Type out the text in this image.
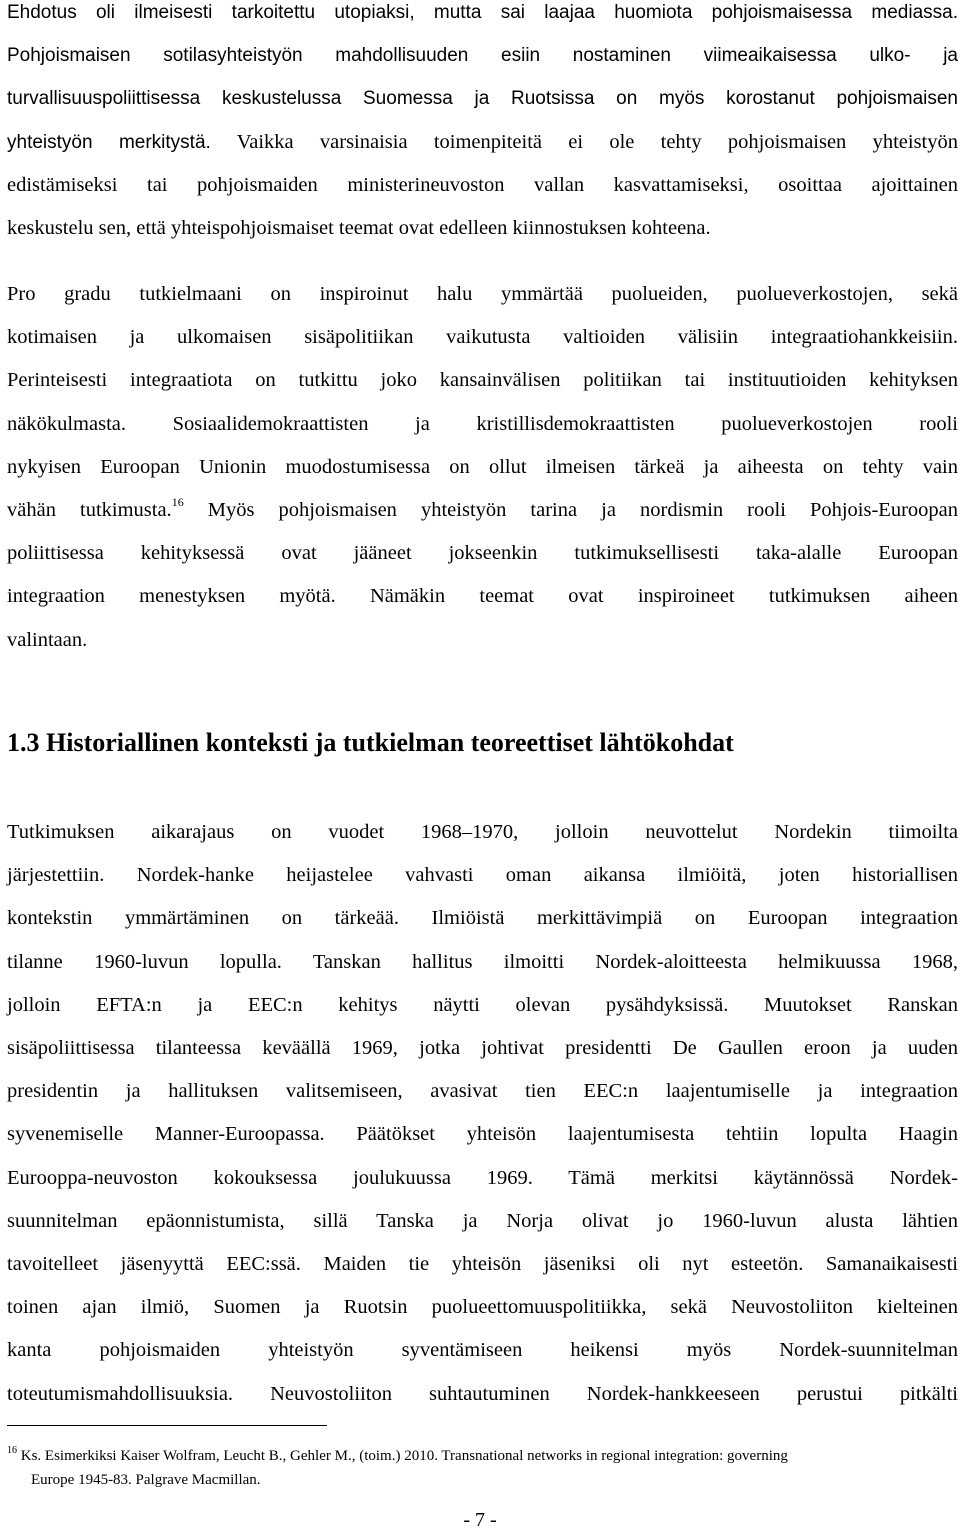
Ehdotus oli ilmeisesti tarkoitettu utopiaksi, mutta sai laajaa huomiota pohjoismaisessa mediassa.
Pohjoismaisen sotilasyhteistyön mahdollisuuden esiin nostaminen viimeaikaisessa ulko- ja
turvallisuuspoliittisessa keskustelussa Suomessa ja Ruotsissa on myös korostanut pohjoismaisen
yhteistyön merkitystä. Vaikka varsinaisia toimenpiteitä ei ole tehty pohjoismaisen yhteistyön
edistämiseksi tai pohjoismaiden ministerineuvoston vallan kasvattamiseksi, osoittaa ajoittainen
keskustelu sen, että yhteispohjoismaiset teemat ovat edelleen kiinnostuksen kohteena.

Pro gradu tutkielmaani on inspiroinut halu ymmärtää puolueiden, puolueverkostojen, sekä
kotimaisen ja ulkomaisen sisäpolitiikan vaikutusta valtioiden välisiin integraatiohankkeisiin.
Perinteisesti integraatiota on tutkittu joko kansainvälisen politiikan tai instituutioiden kehityksen
näkökulmasta. Sosiaalidemokraattisten ja kristillisdemokraattisten puolueverkostojen rooli
nykyisen Euroopan Unionin muodostumisessa on ollut ilmeisen tärkeä ja aiheesta on tehty vain
vähän tutkimusta.$^{16}$ Myös pohjoismaisen yhteistyön tarina ja nordismin rooli Pohjois-Euroopan
poliittisessa kehityksessä ovat jääneet jokseenkin tutkimuksellisesti taka-alalle Euroopan
integraation menestyksen myötä. Nämäkin teemat ovat inspiroineet tutkimuksen aiheen
valintaan.

1.3 Historiallinen konteksti ja tutkielman teoreettiset lähtökohdat

Tutkimuksen aikarajaus on vuodet 1968–1970, jolloin neuvottelut Nordekin tiimoilta
järjestettiin. Nordek-hanke heijastelee vahvasti oman aikansa ilmiöitä, joten historiallisen
kontekstin ymmärtäminen on tärkeää. Ilmiöistä merkittävimpiä on Euroopan integraation
tilanne 1960-luvun lopulla. Tanskan hallitus ilmoitti Nordek-aloitteesta helmikuussa 1968,
jolloin EFTA:n ja EEC:n kehitys näytti olevan pysähdyksissä. Muutokset Ranskan
sisäpoliittisessa tilanteessa keväällä 1969, jotka johtivat presidentti De Gaullen eroon ja uuden
presidentin ja hallituksen valitsemiseen, avasivat tien EEC:n laajentumiselle ja integraation
syvenemiselle Manner-Euroopassa. Päätökset yhteisön laajentumisesta tehtiin lopulta Haagin
Eurooppa-neuvoston kokouksessa joulukuussa 1969. Tämä merkitsi käytännössä Nordek-
suunnitelman epäonnistumista, sillä Tanska ja Norja olivat jo 1960-luvun alusta lähtien
tavoitelleet jäsenyyttä EEC:ssä. Maiden tie yhteisön jäseniksi oli nyt esteetön. Samanaikaisesti
toinen ajan ilmiö, Suomen ja Ruotsin puolueettomuuspolitiikka, sekä Neuvostoliiton kielteinen
kanta pohjoismaiden yhteistyön syventämiseen heikensi myös Nordek-suunnitelman
toteutumismahdollisuuksia. Neuvostoliiton suhtautuminen Nordek-hankkeeseen perustui pitkälti

$^{16}$ Ks. Esimerkiksi Kaiser Wolfram, Leucht B., Gehler M., (toim.) 2010. Transnational networks in regional integration: governing
Europe 1945-83. Palgrave Macmillan.

- 7 -
